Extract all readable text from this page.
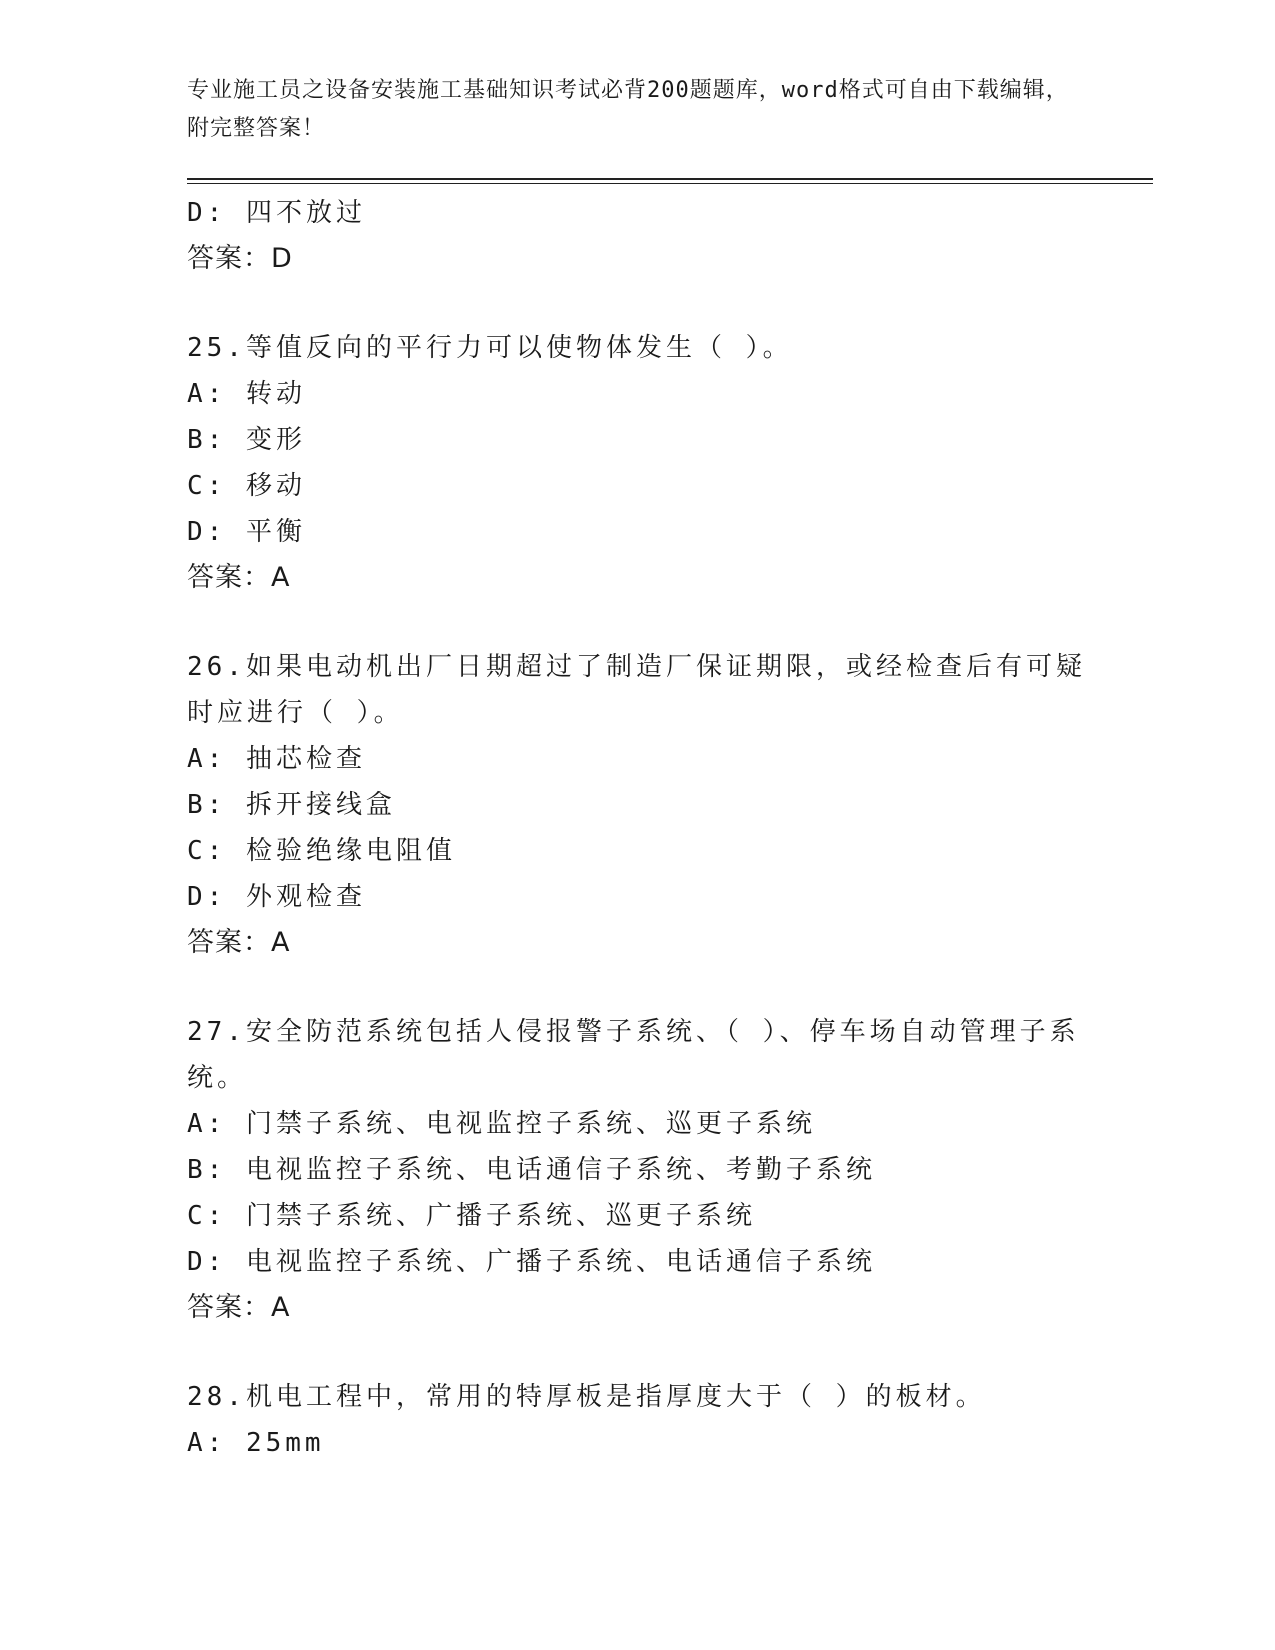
专业施工员之设备安装施工基础知识考试必背200题题库，word格式可自由下载编辑，附完整答案！
D: 四不放过
答案：D
25.等值反向的平行力可以使物体发生（ ）。
A: 转动
B: 变形
C: 移动
D: 平衡
答案：A
26.如果电动机出厂日期超过了制造厂保证期限，或经检查后有可疑时应进行（ ）。
A: 抽芯检查
B: 拆开接线盒
C: 检验绝缘电阻值
D: 外观检查
答案：A
27.安全防范系统包括人侵报警子系统、（ ）、停车场自动管理子系统。
A: 门禁子系统、电视监控子系统、巡更子系统
B: 电视监控子系统、电话通信子系统、考勤子系统
C: 门禁子系统、广播子系统、巡更子系统
D: 电视监控子系统、广播子系统、电话通信子系统
答案：A
28.机电工程中，常用的特厚板是指厚度大于（ ）的板材。
A: 25mm
